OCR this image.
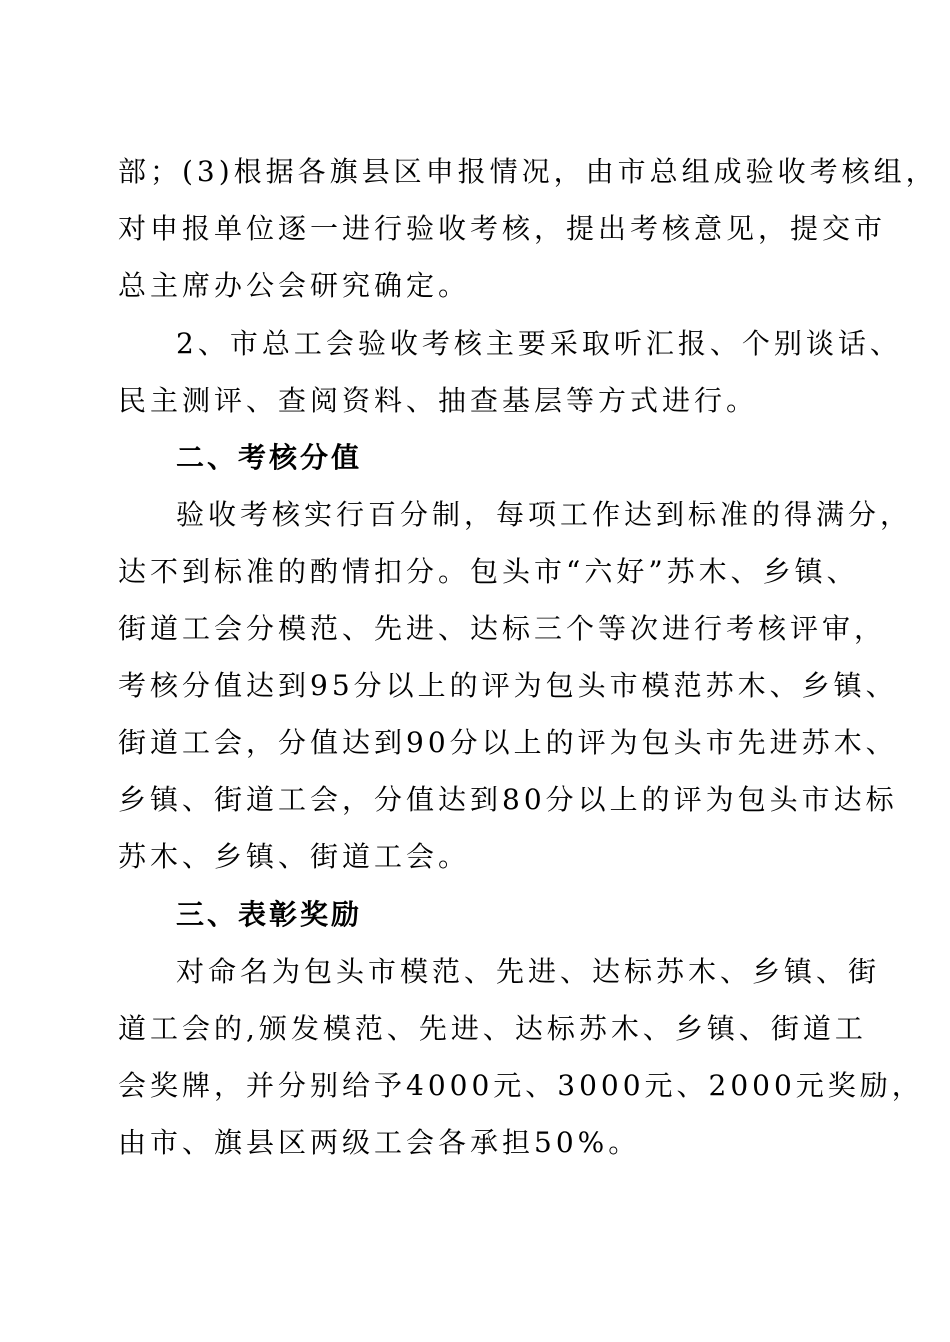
部；(3)根据各旗县区申报情况，由市总组成验收考核组，
对申报单位逐一进行验收考核，提出考核意见，提交市
总主席办公会研究确定。
2、市总工会验收考核主要采取听汇报、个别谈话、
民主测评、查阅资料、抽查基层等方式进行。
二、考核分值
验收考核实行百分制，每项工作达到标准的得满分，
达不到标准的酌情扣分。包头市“六好”苏木、乡镇、
街道工会分模范、先进、达标三个等次进行考核评审，
考核分值达到95分以上的评为包头市模范苏木、乡镇、
街道工会，分值达到90分以上的评为包头市先进苏木、
乡镇、街道工会，分值达到80分以上的评为包头市达标
苏木、乡镇、街道工会。
三、表彰奖励
对命名为包头市模范、先进、达标苏木、乡镇、街
道工会的,颁发模范、先进、达标苏木、乡镇、街道工
会奖牌，并分别给予4000元、3000元、2000元奖励，
由市、旗县区两级工会各承担50%。
